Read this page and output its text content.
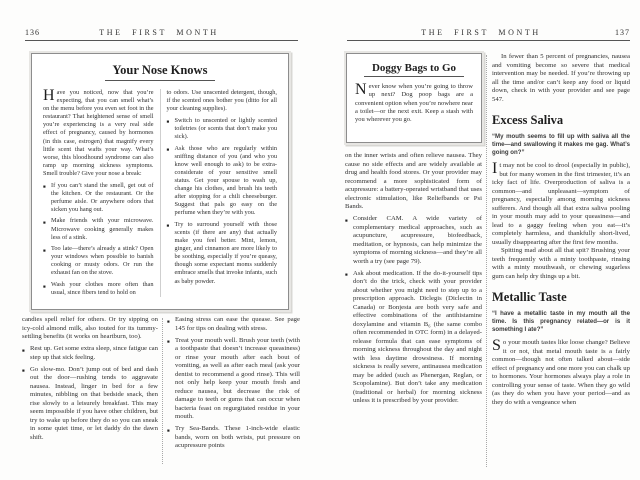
136	THE FIRST MONTH
Your Nose Knows

Have you noticed, now that you’re expecting, that you can smell what’s on the menu before you even set foot in the restaurant? That heightened sense of smell you’re experiencing is a very real side effect of pregnancy, caused by hormones (in this case, estrogen) that magnify every little scent that wafts your way. What’s worse, this bloodhound syndrome can also ramp up morning sickness symptoms. Smell trouble? Give your nose a break:

■ If you can’t stand the smell, get out of the kitchen. Or the restaurant. Or the perfume aisle. Or anywhere odors that sicken you hang out.

■ Make friends with your microwave. Microwave cooking generally makes less of a stink.

■ Too late—there’s already a stink? Open your windows when possible to banish cooking or musty odors. Or run the exhaust fan on the stove.

■ Wash your clothes more often than usual, since fibers tend to hold on

to odors. Use unscented detergent, though, if the scented ones bother you (ditto for all your cleaning supplies).

■ Switch to unscented or lightly scented toiletries (or scents that don’t make you sick).

■ Ask those who are regularly within sniffing distance of you (and who you know well enough to ask) to be extra-considerate of your sensitive smell status. Get your spouse to wash up, change his clothes, and brush his teeth after stopping for a chili cheeseburger. Suggest that pals go easy on the perfume when they’re with you.

■ Try to surround yourself with those scents (if there are any) that actually make you feel better. Mint, lemon, ginger, and cinnamon are more likely to be soothing, especially if you’re queasy, though some expectant moms suddenly embrace smells that invoke infants, such as baby powder.

candies spell relief for others. Or try sipping on icy-cold almond milk, also touted for its tummy-settling benefits (it works on heartburn, too).

■ Rest up. Get some extra sleep, since fatigue can step up that sick feeling.

■ Go slow-mo. Don’t jump out of bed and dash out the door—rushing tends to aggravate nausea. Instead, linger in bed for a few minutes, nibbling on that bedside snack, then rise slowly to a leisurely breakfast. This may seem impossible if you have other children, but try to wake up before they do so you can sneak in some quiet time, or let daddy do the dawn shift.

■ Easing stress can ease the quease. See page 145 for tips on dealing with stress.

■ Treat your mouth well. Brush your teeth (with a toothpaste that doesn’t increase queasiness) or rinse your mouth after each bout of vomiting, as well as after each meal (ask your dentist to recommend a good rinse). This will not only help keep your mouth fresh and reduce nausea, but decrease the risk of damage to teeth or gums that can occur when bacteria feast on regurgitated residue in your mouth.

■ Try Sea-Bands. These 1-inch-wide elastic bands, worn on both wrists, put pressure on acupressure points

THE FIRST MONTH	137
Doggy Bags to Go

Never know when you’re going to throw up next? Dog poop bags are a convenient option when you’re nowhere near a toilet—or the next exit. Keep a stash with you wherever you go.

on the inner wrists and often relieve nausea. They cause no side effects and are widely available at drug and health food stores. Or your provider may recommend a more sophisticated form of acupressure: a battery-operated wristband that uses electronic stimulation, like Reliefbands or Psi Bands.

■ Consider CAM. A wide variety of complementary medical approaches, such as acupuncture, acupressure, biofeedback, meditation, or hypnosis, can help minimize the symptoms of morning sickness—and they’re all worth a try (see page 79).

■ Ask about medication. If the do-it-yourself tips don’t do the trick, check with your provider about whether you might need to step up to a prescription approach. Diclegis (Diclectin in Canada) or Bonjesta are both very safe and effective combinations of the antihistamine doxylamine and vitamin B₆ (the same combo often recommended in OTC form) in a delayed-release formula that can ease symptoms of morning sickness throughout the day and night with less daytime drowsiness. If morning sickness is really severe, antinausea medication may be added (such as Phenergan, Reglan, or Scopolamine). But don’t take any medication (traditional or herbal) for morning sickness unless it is prescribed by your provider.

In fewer than 5 percent of pregnancies, nausea and vomiting become so severe that medical intervention may be needed. If you’re throwing up all the time and/or can’t keep any food or liquid down, check in with your provider and see page 547.

Excess Saliva

“My mouth seems to fill up with saliva all the time—and swallowing it makes me gag. What’s going on?”

It may not be cool to drool (especially in public), but for many women in the first trimester, it’s an icky fact of life. Overproduction of saliva is a common—and unpleasant—symptom of pregnancy, especially among morning sickness sufferers. And though all that extra saliva pooling in your mouth may add to your queasiness—and lead to a gaggy feeling when you eat—it’s completely harmless, and thankfully short-lived, usually disappearing after the first few months.

Spitting mad about all that spit? Brushing your teeth frequently with a minty toothpaste, rinsing with a minty mouthwash, or chewing sugarless gum can help dry things up a bit.

Metallic Taste

“I have a metallic taste in my mouth all the time. Is this pregnancy related—or is it something I ate?”

So your mouth tastes like loose change? Believe it or not, that metal mouth taste is a fairly common—though not often talked about—side effect of pregnancy and one more you can chalk up to hormones. Your hormones always play a role in controlling your sense of taste. When they go wild (as they do when you have your period—and as they do with a vengeance when
